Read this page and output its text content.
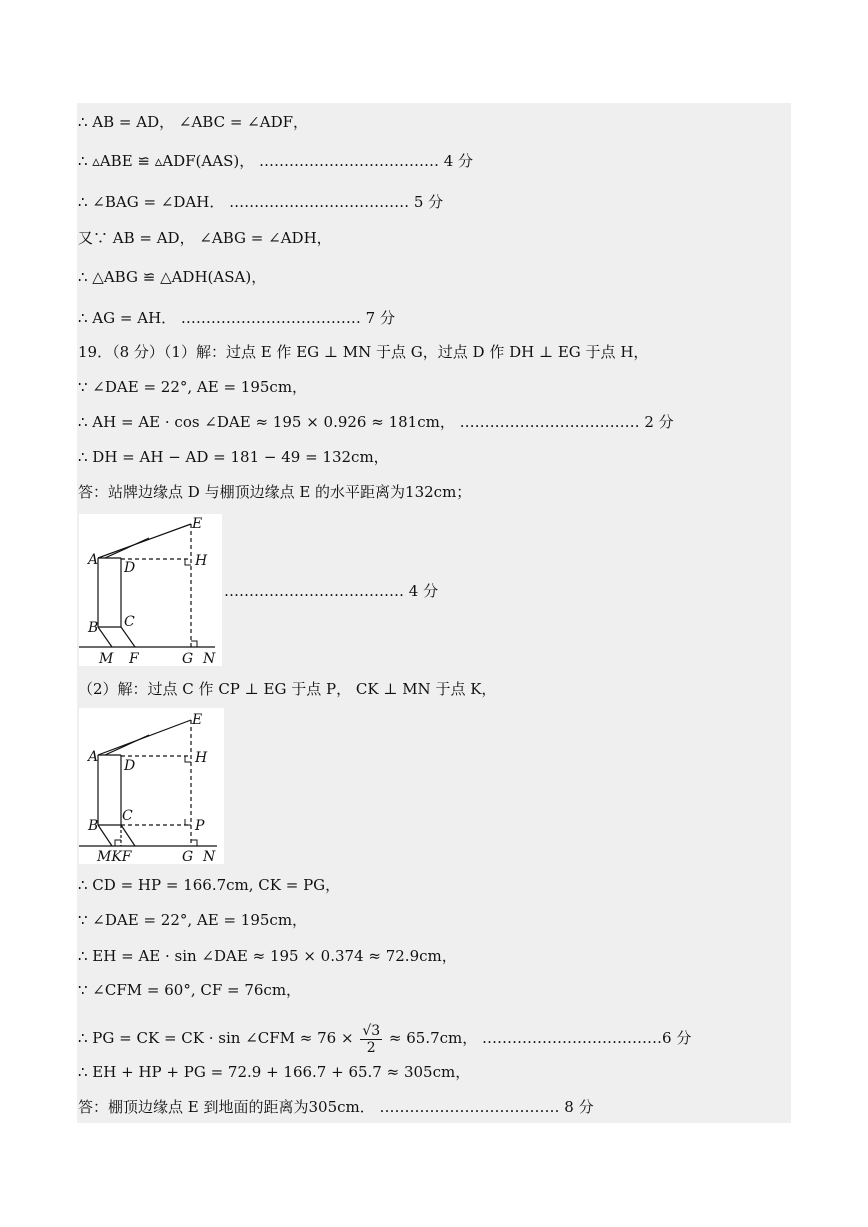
∴ AB = AD， ∠ABC = ∠ADF，
∴ ▵ABE ≌ ▵ADF(AAS)， ……………………………… 4 分
∴ ∠BAG = ∠DAH． ……………………………… 5 分
又∵ AB = AD， ∠ABG = ∠ADH，
∴ △ABG ≌ △ADH(ASA)，
∴ AG = AH． ……………………………… 7 分
19．（8 分）（1）解：过点 E 作 EG ⊥ MN 于点 G，过点 D 作 DH ⊥ EG 于点 H，
∵ ∠DAE = 22°, AE = 195cm，
∴ AH = AE · cos ∠DAE ≈ 195 × 0.926 ≈ 181cm， ……………………………… 2 分
∴ DH = AH − AD = 181 − 49 = 132cm，
答：站牌边缘点 D 与棚顶边缘点 E 的水平距离为132cm；
E
H
A D
C
B
M F	G N
……………………………… 4 分
（2）解：过点 C 作 CP ⊥ EG 于点 P， CK ⊥ MN 于点 K，
E
H
P
A
D
C
B
MKF	G N
∴ CD = HP = 166.7cm, CK = PG，
∵ ∠DAE = 22°, AE = 195cm，
∴ EH = AE · sin ∠DAE ≈ 195 × 0.374 ≈ 72.9cm，
∵ ∠CFM = 60°, CF = 76cm，
∴ PG = CK = CK · sin ∠CFM ≈ $76 \times \frac{√3}{2} \approx 65.7cm$， ………………………………6 分
∴ EH + HP + PG = 72.9 + 166.7 + 65.7 ≈ 305cm，
答：棚顶边缘点 E 到地面的距离为305cm． ……………………………… 8 分
